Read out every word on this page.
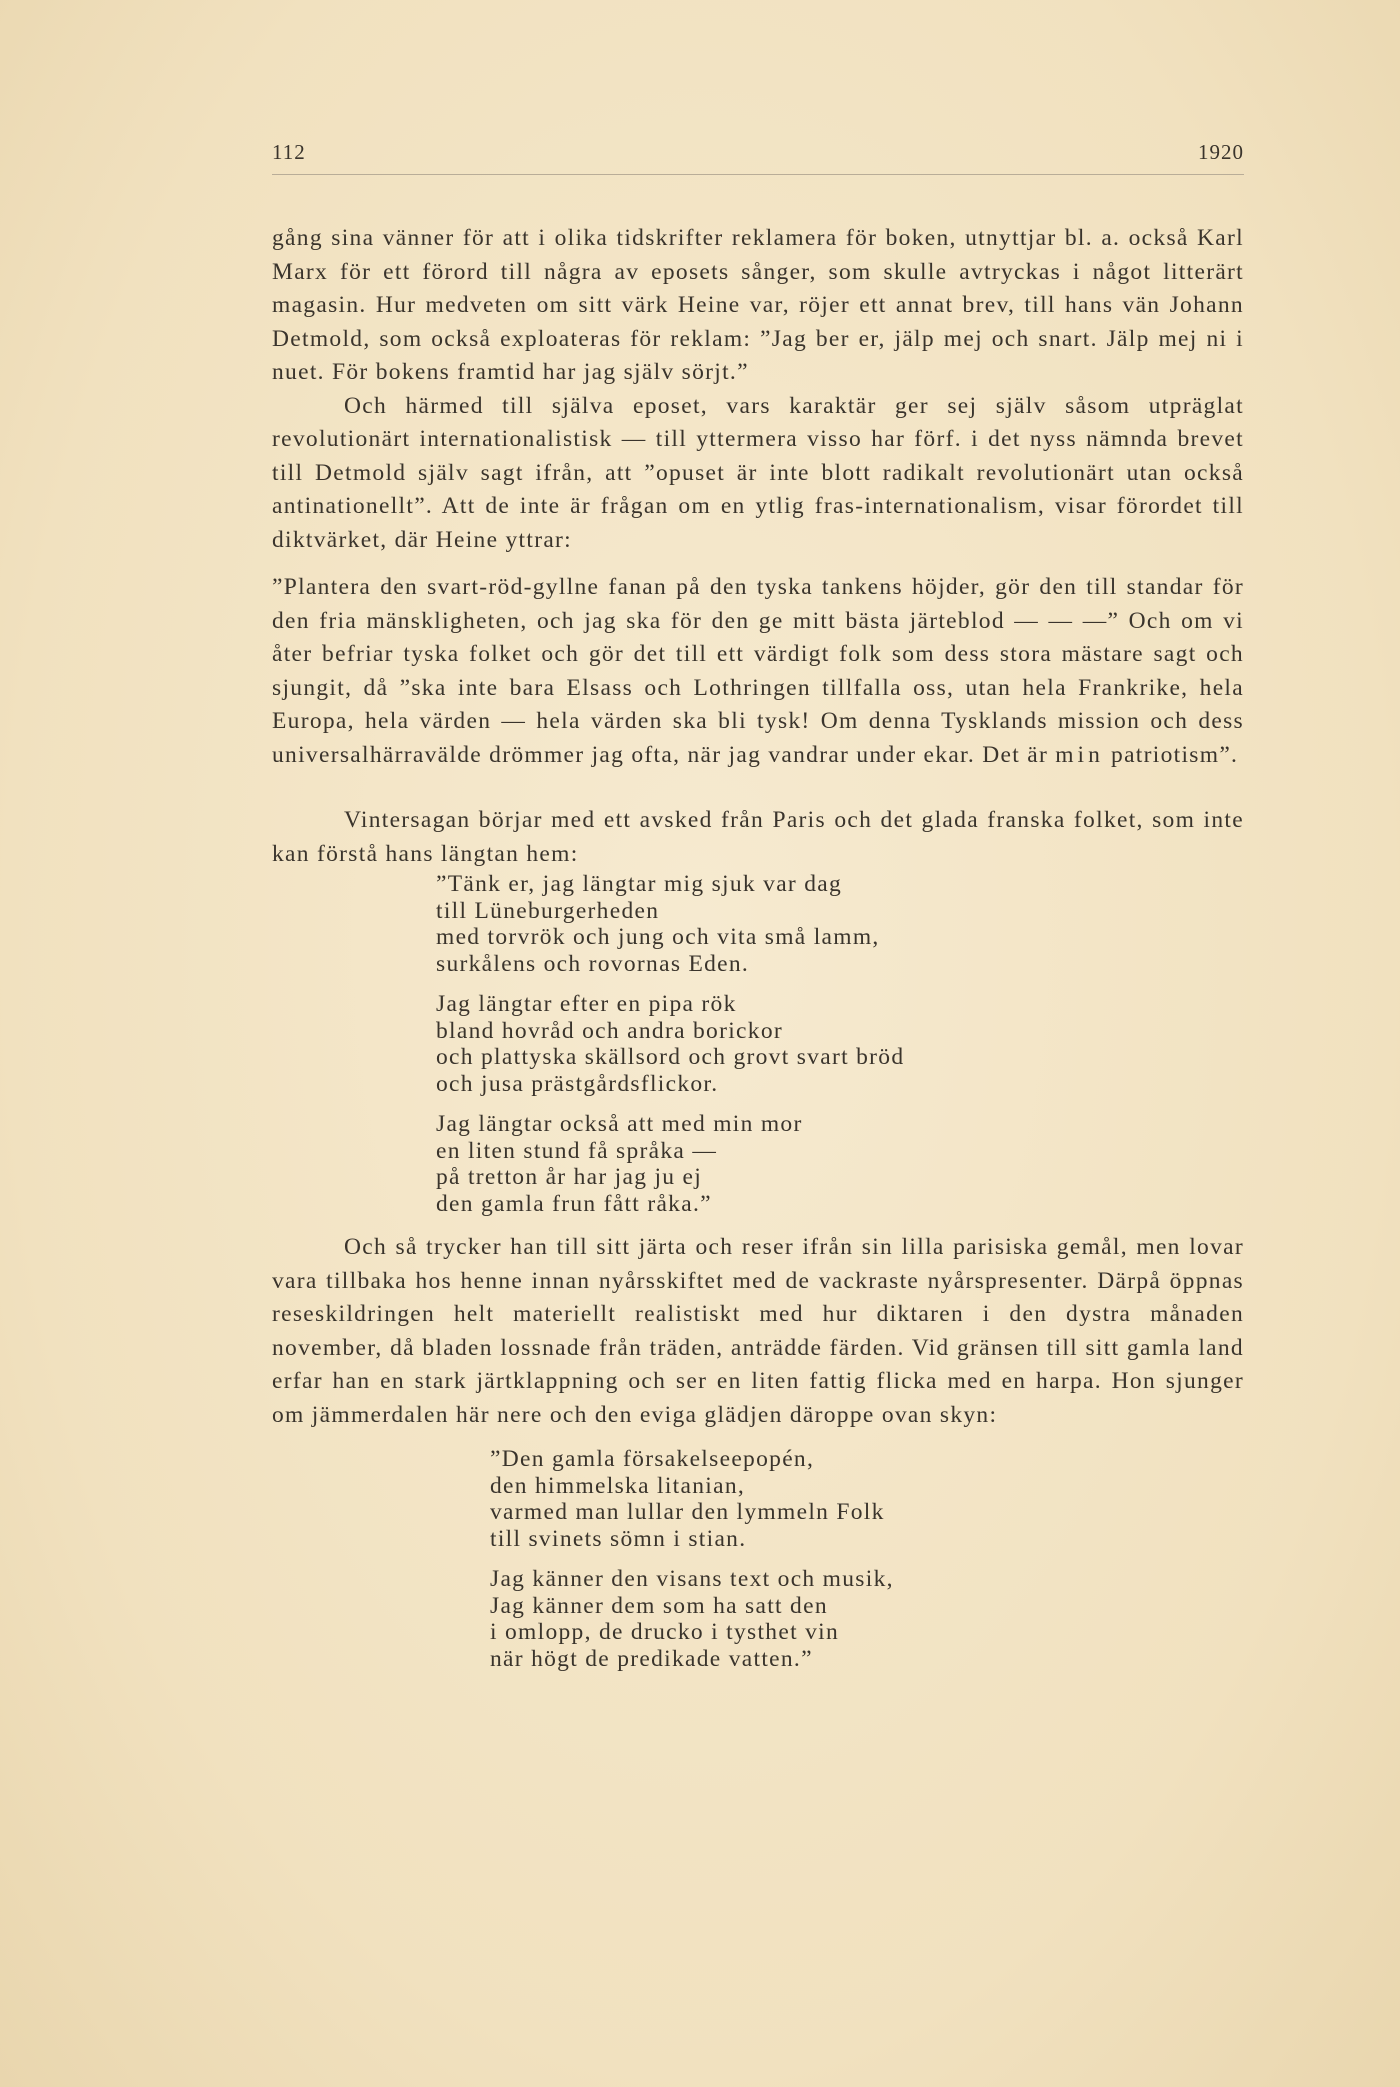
112	1920

gång sina vänner för att i olika tidskrifter reklamera för boken, utnyttjar bl. a. också Karl Marx för ett förord till några av eposets sånger, som skulle avtryckas i något litterärt magasin. Hur medveten om sitt värk Heine var, röjer ett annat brev, till hans vän Johann Detmold, som också exploateras för reklam: ”Jag ber er, jälp mej och snart. Jälp mej ni i nuet. För bokens framtid har jag själv sörjt.”

Och härmed till själva eposet, vars karaktär ger sej själv såsom utpräglat revolutionärt internationalistisk — till yttermera visso har förf. i det nyss nämnda brevet till Detmold själv sagt ifrån, att ”opuset är inte blott radikalt revolutionärt utan också antinationellt”. Att de inte är frågan om en ytlig fras-internationalism, visar förordet till diktvärket, där Heine yttrar:

”Plantera den svart-röd-gyllne fanan på den tyska tankens höjder, gör den till standar för den fria mänskligheten, och jag ska för den ge mitt bästa järteblod — — —” Och om vi åter befriar tyska folket och gör det till ett värdigt folk som dess stora mästare sagt och sjungit, då ”ska inte bara Elsass och Lothringen tillfalla oss, utan hela Frankrike, hela Europa, hela värden — hela värden ska bli tysk! Om denna Tysklands mission och dess universalhärravälde drömmer jag ofta, när jag vandrar under ekar. Det är min patriotism”.

Vintersagan börjar med ett avsked från Paris och det glada franska folket, som inte kan förstå hans längtan hem:

”Tänk er, jag längtar mig sjuk var dag
till Lüneburgerheden
med torvrök och jung och vita små lamm,
surkålens och rovornas Eden.
Jag längtar efter en pipa rök
bland hovråd och andra borickor
och plattyska skällsord och grovt svart bröd
och jusa prästgårdsflickor.
Jag längtar också att med min mor
en liten stund få språka —
på tretton år har jag ju ej
den gamla frun fått råka.”

Och så trycker han till sitt järta och reser ifrån sin lilla parisiska gemål, men lovar vara tillbaka hos henne innan nyårsskiftet med de vackraste nyårspresenter. Därpå öppnas reseskildringen helt materiellt realistiskt med hur diktaren i den dystra månaden november, då bladen lossnade från träden, anträdde färden. Vid gränsen till sitt gamla land erfar han en stark järtklappning och ser en liten fattig flicka med en harpa. Hon sjunger om jämmerdalen här nere och den eviga glädjen däroppe ovan skyn:

”Den gamla försakelseepopén,
den himmelska litanian,
varmed man lullar den lymmeln Folk
till svinets sömn i stian.
Jag känner den visans text och musik,
Jag känner dem som ha satt den
i omlopp, de drucko i tysthet vin
när högt de predikade vatten.”
